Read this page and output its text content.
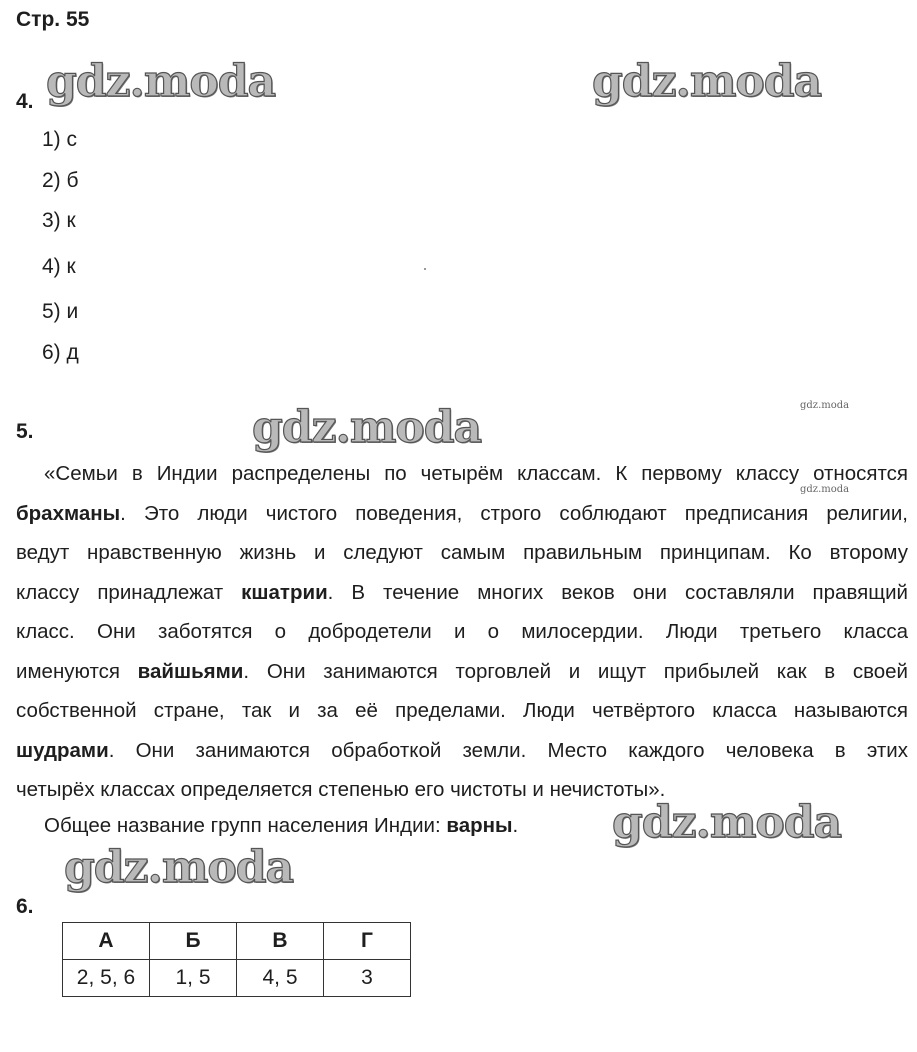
Стр. 55
gdz.moda	gdz.moda
gdz.moda
gdz.moda
gdz.moda
gdz.moda
gdz.moda
4.
1) с
2) б
3) к
4) к
5) и
6) д
5.
«Семьи в Индии распределены по четырём классам. К первому классу относятся
брахманы. Это люди чистого поведения, строго соблюдают предписания религии,
ведут нравственную жизнь и следуют самым правильным принципам. Ко второму
классу принадлежат кшатрии. В течение многих веков они составляли правящий
класс. Они заботятся о добродетели и о милосердии. Люди третьего класса
именуются вайшьями. Они занимаются торговлей и ищут прибылей как в своей
собственной стране, так и за её пределами. Люди четвёртого класса называются
шудрами. Они занимаются обработкой земли. Место каждого человека в этих
четырёх классах определяется степенью его чистоты и нечистоты».
Общее название групп населения Индии: варны.
6.
А	Б	В	Г
2, 5, 6	1, 5	4, 5	3
